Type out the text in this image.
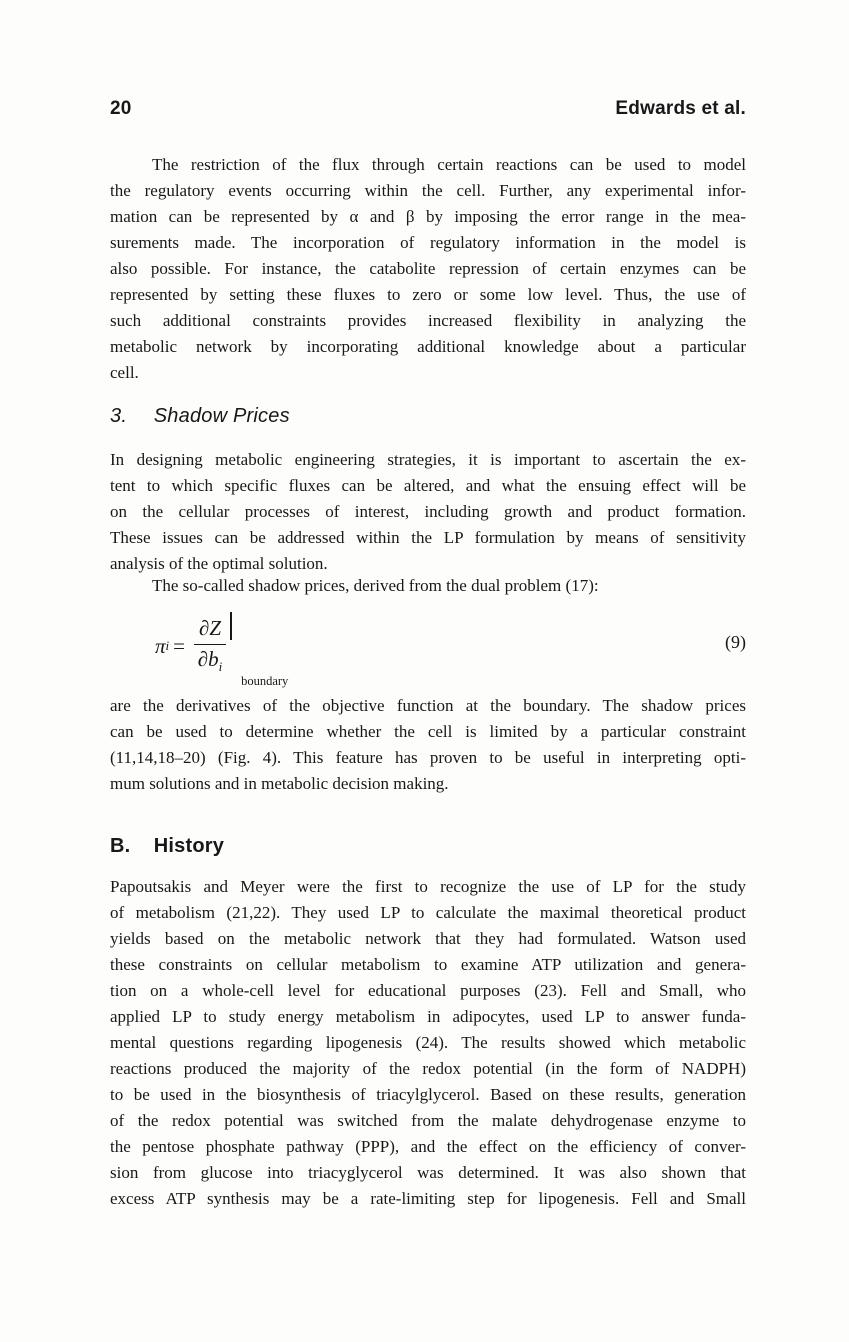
20	Edwards et al.
The restriction of the flux through certain reactions can be used to model
the regulatory events occurring within the cell. Further, any experimental infor-
mation can be represented by α and β by imposing the error range in the mea-
surements made. The incorporation of regulatory information in the model is
also possible. For instance, the catabolite repression of certain enzymes can be
represented by setting these fluxes to zero or some low level. Thus, the use of
such additional constraints provides increased flexibility in analyzing the
metabolic network by incorporating additional knowledge about a particular
cell.
3. Shadow Prices
In designing metabolic engineering strategies, it is important to ascertain the ex-
tent to which specific fluxes can be altered, and what the ensuing effect will be
on the cellular processes of interest, including growth and product formation.
These issues can be addressed within the LP formulation by means of sensitivity
analysis of the optimal solution.
The so-called shadow prices, derived from the dual problem (17):
π $i = \frac{\partial Z}{\partial b_i}$
boundary
(9)
are the derivatives of the objective function at the boundary. The shadow prices
can be used to determine whether the cell is limited by a particular constraint
(11,14,18–20) (Fig. 4). This feature has proven to be useful in interpreting opti-
mum solutions and in metabolic decision making.
B. History
Papoutsakis and Meyer were the first to recognize the use of LP for the study
of metabolism (21,22). They used LP to calculate the maximal theoretical product
yields based on the metabolic network that they had formulated. Watson used
these constraints on cellular metabolism to examine ATP utilization and genera-
tion on a whole-cell level for educational purposes (23). Fell and Small, who
applied LP to study energy metabolism in adipocytes, used LP to answer funda-
mental questions regarding lipogenesis (24). The results showed which metabolic
reactions produced the majority of the redox potential (in the form of NADPH)
to be used in the biosynthesis of triacylglycerol. Based on these results, generation
of the redox potential was switched from the malate dehydrogenase enzyme to
the pentose phosphate pathway (PPP), and the effect on the efficiency of conver-
sion from glucose into triacyglycerol was determined. It was also shown that
excess ATP synthesis may be a rate-limiting step for lipogenesis. Fell and Small
